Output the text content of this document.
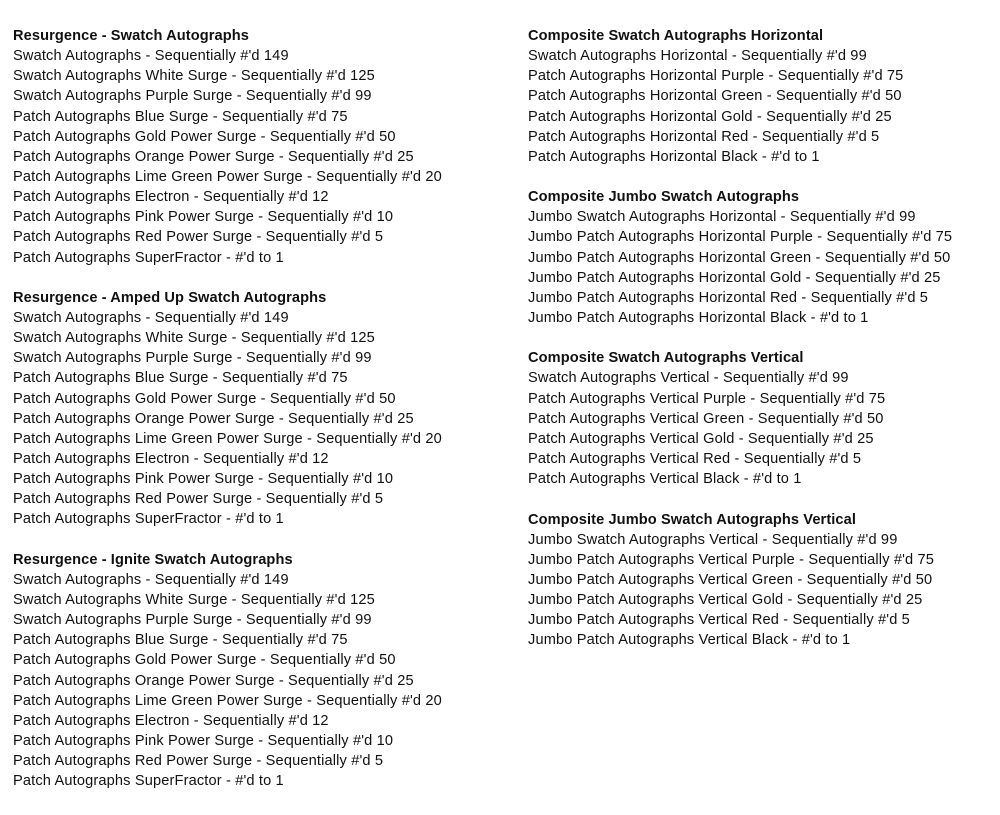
Resurgence - Swatch Autographs
Swatch Autographs - Sequentially #'d 149
Swatch Autographs White Surge - Sequentially #'d 125
Swatch Autographs Purple Surge - Sequentially #'d 99
Patch Autographs Blue Surge - Sequentially #'d 75
Patch Autographs Gold Power Surge - Sequentially #'d 50
Patch Autographs Orange Power Surge - Sequentially #'d 25
Patch Autographs Lime Green Power Surge - Sequentially #'d 20
Patch Autographs Electron - Sequentially #'d 12
Patch Autographs Pink Power Surge - Sequentially #'d 10
Patch Autographs Red Power Surge - Sequentially #'d 5
Patch Autographs SuperFractor - #'d to 1
Resurgence - Amped Up Swatch Autographs
Swatch Autographs - Sequentially #'d 149
Swatch Autographs White Surge - Sequentially #'d 125
Swatch Autographs Purple Surge - Sequentially #'d 99
Patch Autographs Blue Surge - Sequentially #'d 75
Patch Autographs Gold Power Surge - Sequentially #'d 50
Patch Autographs Orange Power Surge - Sequentially #'d 25
Patch Autographs Lime Green Power Surge - Sequentially #'d 20
Patch Autographs Electron - Sequentially #'d 12
Patch Autographs Pink Power Surge - Sequentially #'d 10
Patch Autographs Red Power Surge - Sequentially #'d 5
Patch Autographs SuperFractor - #'d to 1
Resurgence - Ignite Swatch Autographs
Swatch Autographs - Sequentially #'d 149
Swatch Autographs White Surge - Sequentially #'d 125
Swatch Autographs Purple Surge - Sequentially #'d 99
Patch Autographs Blue Surge - Sequentially #'d 75
Patch Autographs Gold Power Surge - Sequentially #'d 50
Patch Autographs Orange Power Surge - Sequentially #'d 25
Patch Autographs Lime Green Power Surge - Sequentially #'d 20
Patch Autographs Electron - Sequentially #'d 12
Patch Autographs Pink Power Surge - Sequentially #'d 10
Patch Autographs Red Power Surge - Sequentially #'d 5
Patch Autographs SuperFractor - #'d to 1
Composite Swatch Autographs Horizontal
Swatch Autographs Horizontal - Sequentially #'d 99
Patch Autographs Horizontal Purple - Sequentially #'d 75
Patch Autographs Horizontal Green - Sequentially #'d 50
Patch Autographs Horizontal Gold - Sequentially #'d 25
Patch Autographs Horizontal Red - Sequentially #'d 5
Patch Autographs Horizontal Black - #'d to 1
Composite Jumbo Swatch Autographs
Jumbo Swatch Autographs Horizontal - Sequentially #'d 99
Jumbo Patch Autographs Horizontal Purple - Sequentially #'d 75
Jumbo Patch Autographs Horizontal Green - Sequentially #'d 50
Jumbo Patch Autographs Horizontal Gold - Sequentially #'d 25
Jumbo Patch Autographs Horizontal Red - Sequentially #'d 5
Jumbo Patch Autographs Horizontal Black - #'d to 1
Composite Swatch Autographs Vertical
Swatch Autographs Vertical - Sequentially #'d 99
Patch Autographs Vertical Purple - Sequentially #'d 75
Patch Autographs Vertical Green - Sequentially #'d 50
Patch Autographs Vertical Gold - Sequentially #'d 25
Patch Autographs Vertical Red - Sequentially #'d 5
Patch Autographs Vertical Black - #'d to 1
Composite Jumbo Swatch Autographs Vertical
Jumbo Swatch Autographs Vertical - Sequentially #'d 99
Jumbo Patch Autographs Vertical Purple - Sequentially #'d 75
Jumbo Patch Autographs Vertical Green - Sequentially #'d 50
Jumbo Patch Autographs Vertical Gold - Sequentially #'d 25
Jumbo Patch Autographs Vertical Red - Sequentially #'d 5
Jumbo Patch Autographs Vertical Black - #'d to 1
